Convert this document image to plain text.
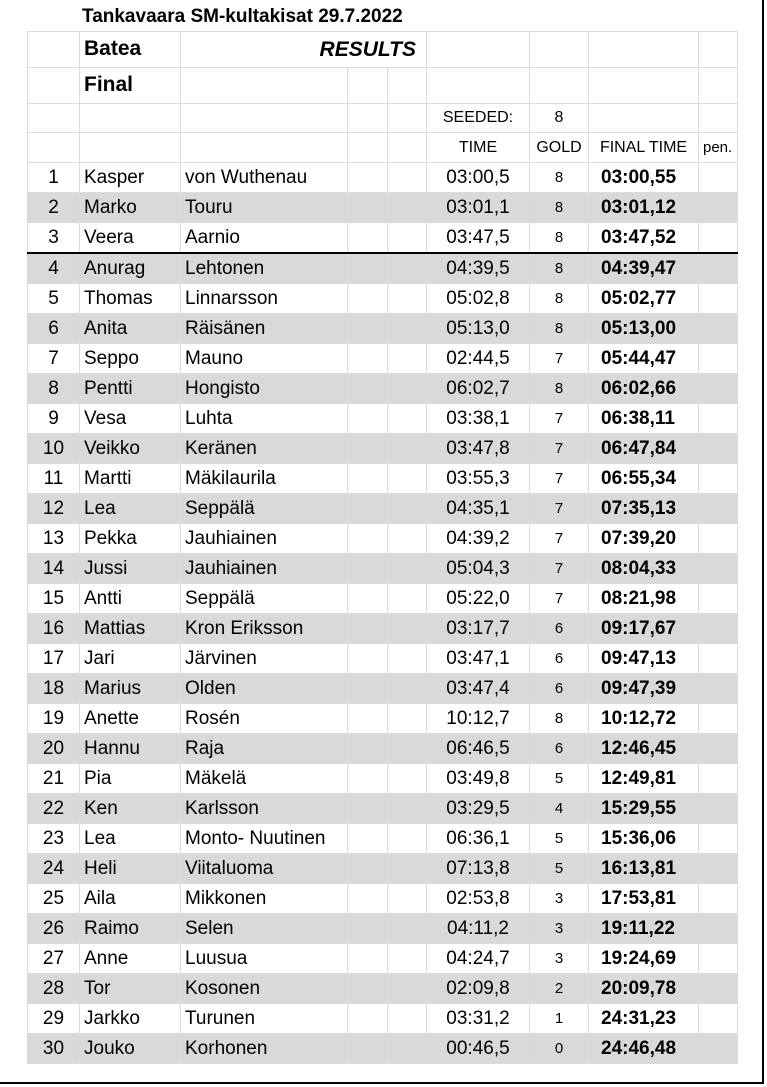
Tankavaara SM-kultakisat 29.7.2022
	Batea	RESULTS						

	Final							
					SEEDED:	8		
					TIME	GOLD	FINAL TIME	pen.
1	Kasper	von Wuthenau			03:00,5	8	03:00,55	
2	Marko	Touru			03:01,1	8	03:01,12	
3	Veera	Aarnio			03:47,5	8	03:47,52	
4	Anurag	Lehtonen			04:39,5	8	04:39,47	
5	Thomas	Linnarsson			05:02,8	8	05:02,77	
6	Anita	Räisänen			05:13,0	8	05:13,00	
7	Seppo	Mauno			02:44,5	7	05:44,47	
8	Pentti	Hongisto			06:02,7	8	06:02,66	
9	Vesa	Luhta			03:38,1	7	06:38,11	
10	Veikko	Keränen			03:47,8	7	06:47,84	
11	Martti	Mäkilaurila			03:55,3	7	06:55,34	
12	Lea	Seppälä			04:35,1	7	07:35,13	
13	Pekka	Jauhiainen			04:39,2	7	07:39,20	
14	Jussi	Jauhiainen			05:04,3	7	08:04,33	
15	Antti	Seppälä			05:22,0	7	08:21,98	
16	Mattias	Kron Eriksson			03:17,7	6	09:17,67	
17	Jari	Järvinen			03:47,1	6	09:47,13	
18	Marius	Olden			03:47,4	6	09:47,39	
19	Anette	Rosén			10:12,7	8	10:12,72	
20	Hannu	Raja			06:46,5	6	12:46,45	
21	Pia	Mäkelä			03:49,8	5	12:49,81	
22	Ken	Karlsson			03:29,5	4	15:29,55	
23	Lea	Monto- Nuutinen			06:36,1	5	15:36,06	
24	Heli	Viitaluoma			07:13,8	5	16:13,81	
25	Aila	Mikkonen			02:53,8	3	17:53,81	
26	Raimo	Selen			04:11,2	3	19:11,22	
27	Anne	Luusua			04:24,7	3	19:24,69	
28	Tor	Kosonen			02:09,8	2	20:09,78	
29	Jarkko	Turunen			03:31,2	1	24:31,23	
30	Jouko	Korhonen			00:46,5	0	24:46,48	
